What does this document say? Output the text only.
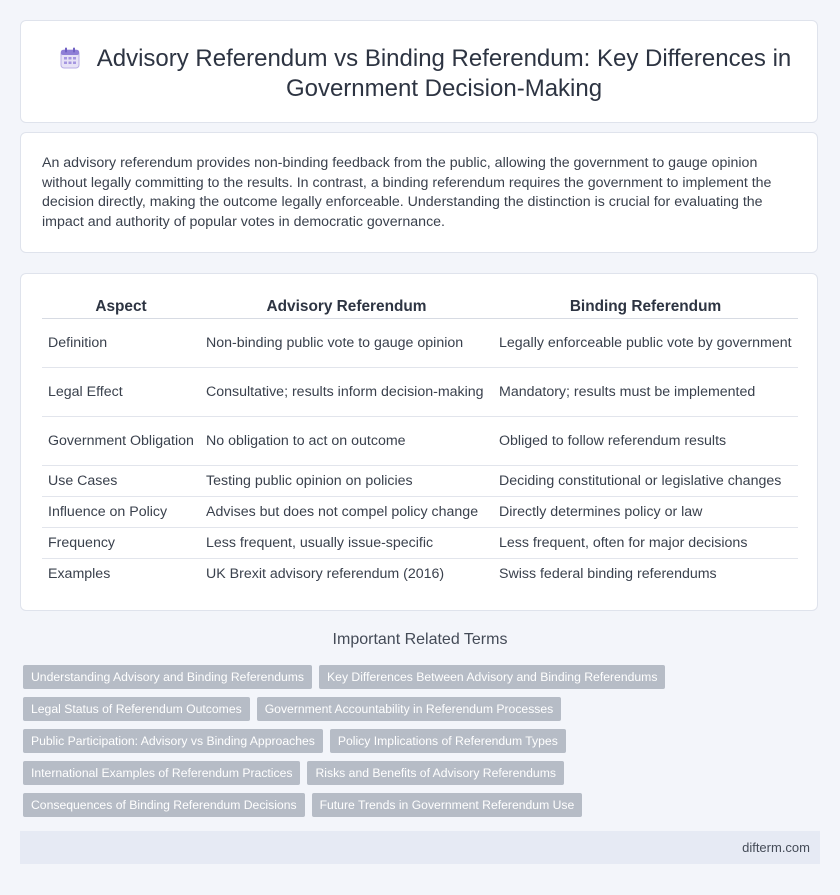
Advisory Referendum vs Binding Referendum: Key Differences in Government Decision-Making

An advisory referendum provides non-binding feedback from the public, allowing the government to gauge opinion without legally committing to the results. In contrast, a binding referendum requires the government to implement the decision directly, making the outcome legally enforceable. Understanding the distinction is crucial for evaluating the impact and authority of popular votes in democratic governance.

Aspect	Advisory Referendum	Binding Referendum
Definition	Non-binding public vote to gauge opinion	Legally enforceable public vote by government
Legal Effect	Consultative; results inform decision-making	Mandatory; results must be implemented
Government Obligation	No obligation to act on outcome	Obliged to follow referendum results
Use Cases	Testing public opinion on policies	Deciding constitutional or legislative changes
Influence on Policy	Advises but does not compel policy change	Directly determines policy or law
Frequency	Less frequent, usually issue-specific	Less frequent, often for major decisions
Examples	UK Brexit advisory referendum (2016)	Swiss federal binding referendums
Important Related Terms
Understanding Advisory and Binding Referendums	Key Differences Between Advisory and Binding Referendums
Legal Status of Referendum Outcomes	Government Accountability in Referendum Processes
Public Participation: Advisory vs Binding Approaches	Policy Implications of Referendum Types
International Examples of Referendum Practices	Risks and Benefits of Advisory Referendums
Consequences of Binding Referendum Decisions	Future Trends in Government Referendum Use
difterm.com
